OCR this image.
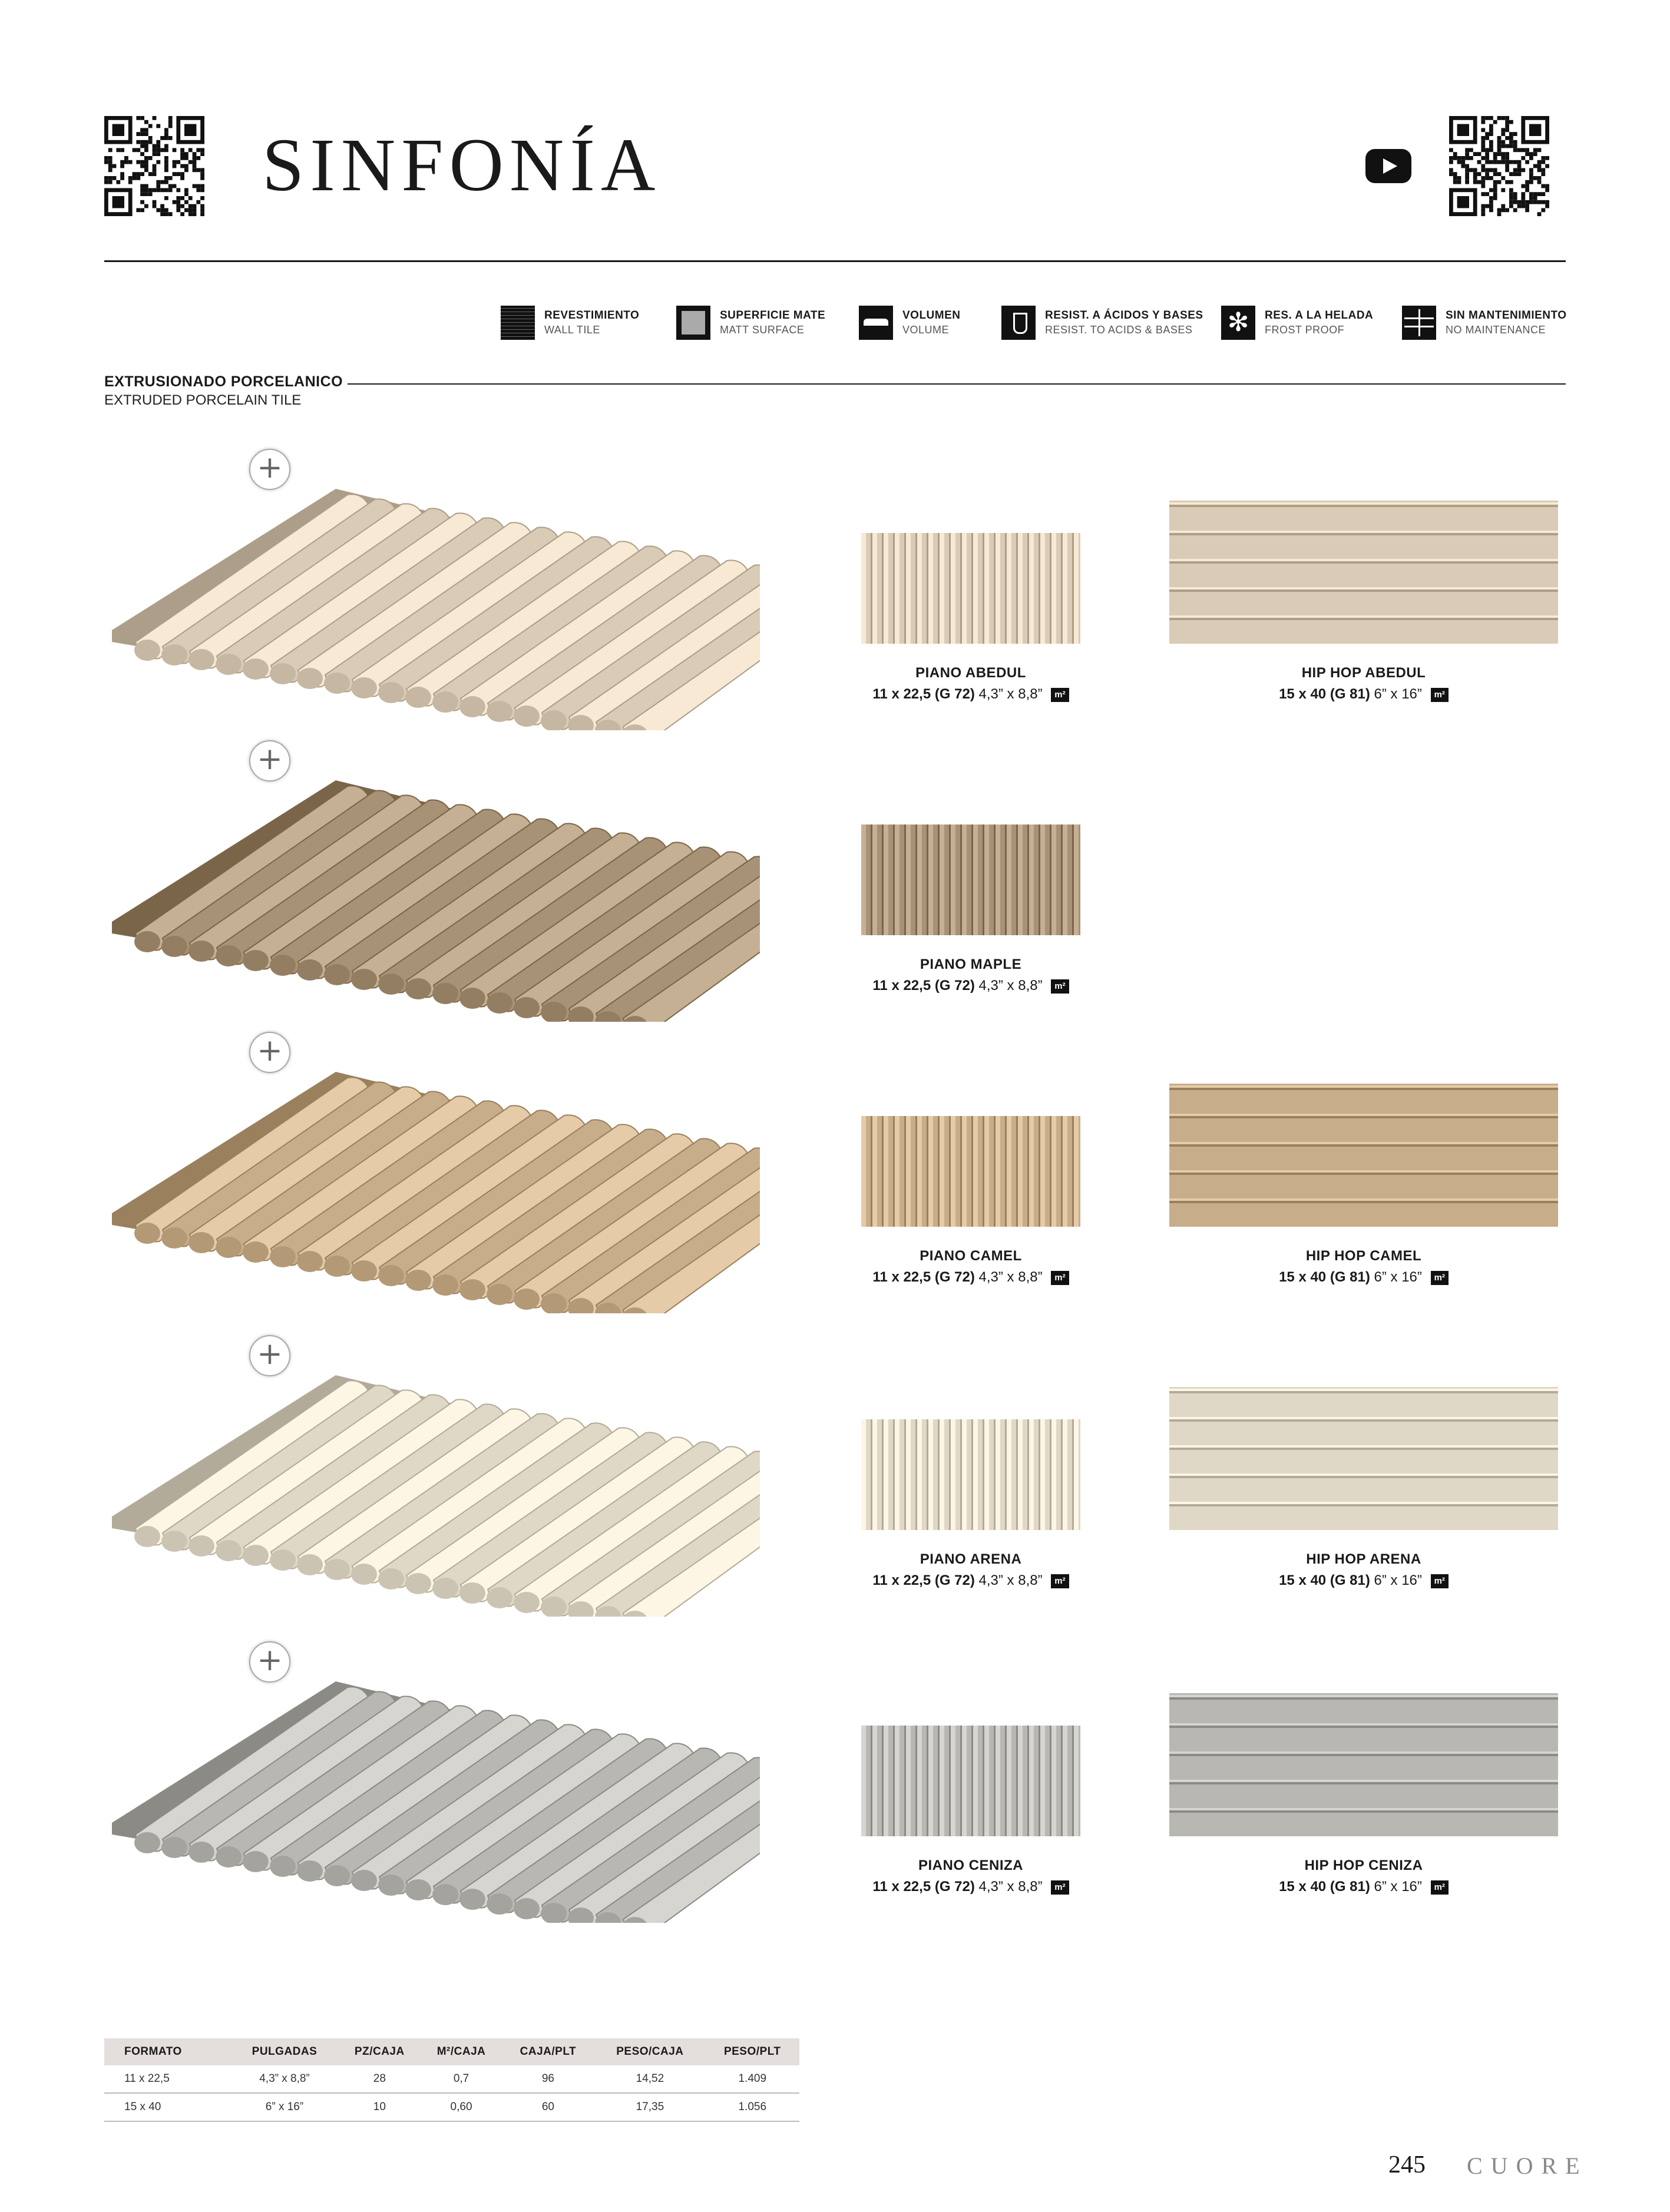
SINFONÍA
REVESTIMIENTO
WALL TILE
SUPERFICIE MATE
MATT SURFACE
VOLUMEN
VOLUME
RESIST. A ÁCIDOS Y BASES
RESIST. TO ACIDS & BASES	✻	RES. A LA HELADA
FROST PROOF
SIN MANTENIMIENTO
NO MAINTENANCE
EXTRUSIONADO PORCELANICO
EXTRUDED PORCELAIN TILE
+
PIANO ABEDUL
11 x 22,5 (G 72) 4,3” x 8,8” m²
HIP HOP ABEDUL
15 x 40 (G 81) 6” x 16” m²
+
PIANO MAPLE
11 x 22,5 (G 72) 4,3” x 8,8” m²
+
PIANO CAMEL
11 x 22,5 (G 72) 4,3” x 8,8” m²
HIP HOP CAMEL
15 x 40 (G 81) 6” x 16” m²
+
PIANO ARENA
11 x 22,5 (G 72) 4,3” x 8,8” m²
HIP HOP ARENA
15 x 40 (G 81) 6” x 16” m²
+
PIANO CENIZA
11 x 22,5 (G 72) 4,3” x 8,8” m²
HIP HOP CENIZA
15 x 40 (G 81) 6” x 16” m²
FORMATO	PULGADAS	PZ/CAJA	M²/CAJA	CAJA/PLT	PESO/CAJA	PESO/PLT
11 x 22,5	4,3” x 8,8”	28	0,7	96	14,52	1.409
15 x 40	6” x 16”	10	0,60	60	17,35	1.056
245 CUORE
